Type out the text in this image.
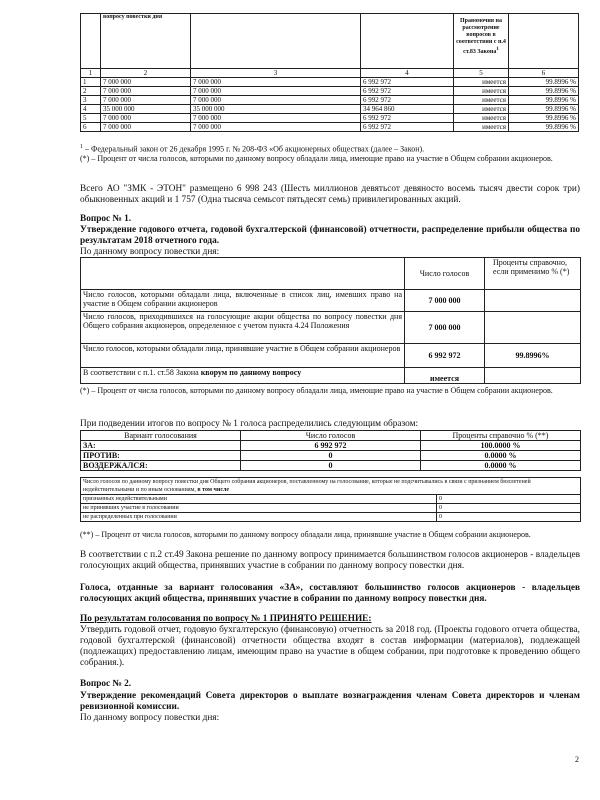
	вопросу повестки дня			Правомочия на рассмотрение вопросов в соответствии с п.4 ст.83 Закона$^1$	
1	2	3	4	5	6
1	7 000 000	7 000 000	6 992 972	имеется	99.8996 %
2	7 000 000	7 000 000	6 992 972	имеется	99.8996 %
3	7 000 000	7 000 000	6 992 972	имеется	99.8996 %
4	35 000 000	35 000 000	34 964 860	имеется	99.8996 %
5	7 000 000	7 000 000	6 992 972	имеется	99.8996 %
6	7 000 000	7 000 000	6 992 972	имеется	99.8996 %
$^1$ – Федеральный закон от 26 декабря 1995 г. № 208-ФЗ «Об акционерных обществах (далее – Закон).
(*) – Процент от числа голосов, которыми по данному вопросу обладали лица, имеющие право на участие в Общем собрании акционеров.
Всего АО "ЗМК - ЭТОН" размещено 6 998 243 (Шесть миллионов девятьсот девяносто восемь тысяч двести сорок три) обыкновенных акций и 1 757 (Одна тысяча семьсот пятьдесят семь) привилегированных акций.
Вопрос № 1.
Утверждение годового отчета, годовой бухгалтерской (финансовой) отчетности, распределение прибыли общества по результатам 2018 отчетного года.
По данному вопросу повестки дня:
	Число голосов	Проценты справочно, если применимо % (*)
Число голосов, которыми обладали лица, включенные в список лиц, имевших право на участие в Общем собрании акционеров	7 000 000	
Число голосов, приходившихся на голосующие акции общества по вопросу повестки дня Общего собрания акционеров, определенное с учетом пункта 4.24 Положения	7 000 000	
Число голосов, которыми обладали лица, принявшие участие в Общем собрании акционеров	6 992 972	99.8996%
В соответствии с п.1. ст.58 Закона кворум по данному вопросу	имеется	
(*) – Процент от числа голосов, которыми по данному вопросу обладали лица, имеющие право на участие в Общем собрании акционеров.
При подведении итогов по вопросу № 1 голоса распределились следующим образом:
Вариант голосования	Число голосов	Проценты справочно % (**)
ЗА:	6 992 972	100.0000 %
ПРОТИВ:	0	0.0000 %
ВОЗДЕРЖАЛСЯ:	0	0.0000 %
Число голосов по данному вопросу повестки дня Общего собрания акционеров, поставленному на голосование, которые не подсчитывались в связи с признанием бюллетеней недействительными и по иным основаниям, в том числе	
признанных недействительными	0
не принявших участие в голосовании	0
не распределенных при голосовании	0
(**) – Процент от числа голосов, которыми по данному вопросу обладали лица, принявшие участие в Общем собрании акционеров.
В соответствии с п.2 ст.49 Закона решение по данному вопросу принимается большинством голосов акционеров - владельцев голосующих акций общества, принявших участие в собрании по данному вопросу повестки дня.
Голоса, отданные за вариант голосования «ЗА», составляют большинство голосов акционеров - владельцев голосующих акций общества, принявших участие в собрании по данному вопросу повестки дня.
По результатам голосования по вопросу № 1 ПРИНЯТО РЕШЕНИЕ:
Утвердить годовой отчет, годовую бухгалтерскую (финансовую) отчетность за 2018 год. (Проекты годового отчета общества, годовой бухгалтерской (финансовой) отчетности общества входят в состав информации (материалов), подлежащей (подлежащих) предоставлению лицам, имеющим право на участие в общем собрании, при подготовке к проведению общего собрания.).
Вопрос № 2.
Утверждение рекомендаций Совета директоров о выплате вознаграждения членам Совета директоров и членам ревизионной комиссии.
По данному вопросу повестки дня:
2
